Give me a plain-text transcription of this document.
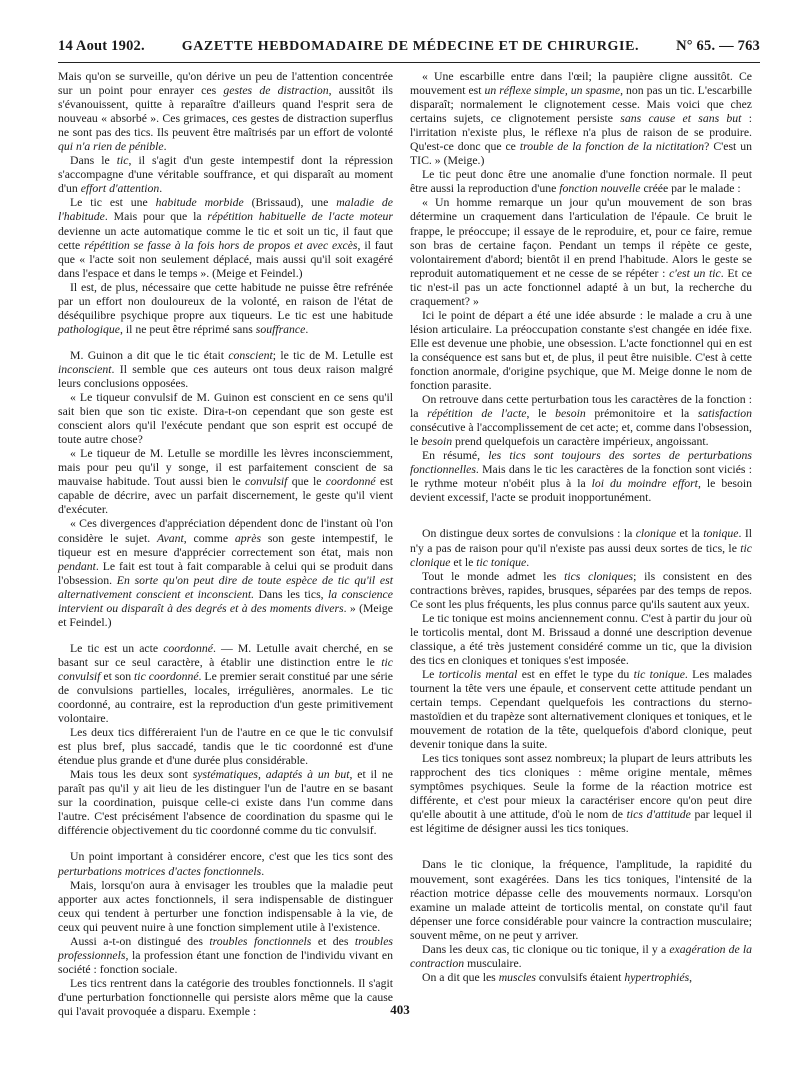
14 Aout 1902.	GAZETTE HEBDOMADAIRE DE MÉDECINE ET DE CHIRURGIE.	N° 65. — 763

Mais qu'on se surveille, qu'on dérive un peu de l'attention concentrée sur un point pour enrayer ces gestes de distraction, aussitôt ils s'évanouissent, quitte à reparaître d'ailleurs quand l'esprit sera de nouveau « absorbé ». Ces grimaces, ces gestes de distraction superflus ne sont pas des tics. Ils peuvent être maîtrisés par un effort de volonté qui n'a rien de pénible.

Dans le tic, il s'agit d'un geste intempestif dont la répression s'accompagne d'une véritable souffrance, et qui disparaît au moment d'un effort d'attention.

Le tic est une habitude morbide (Brissaud), une maladie de l'habitude. Mais pour que la répétition habituelle de l'acte moteur devienne un acte automatique comme le tic et soit un tic, il faut que cette répétition se fasse à la fois hors de propos et avec excès, il faut que « l'acte soit non seulement déplacé, mais aussi qu'il soit exagéré dans l'espace et dans le temps ». (Meige et Feindel.)

Il est, de plus, nécessaire que cette habitude ne puisse être refrénée par un effort non douloureux de la volonté, en raison de l'état de déséquilibre psychique propre aux tiqueurs. Le tic est une habitude pathologique, il ne peut être réprimé sans souffrance.

M. Guinon a dit que le tic était conscient; le tic de M. Letulle est inconscient. Il semble que ces auteurs ont tous deux raison malgré leurs conclusions opposées.

« Le tiqueur convulsif de M. Guinon est conscient en ce sens qu'il sait bien que son tic existe. Dira-t-on cependant que son geste est conscient alors qu'il l'exécute pendant que son esprit est occupé de toute autre chose?

« Le tiqueur de M. Letulle se mordille les lèvres inconsciemment, mais pour peu qu'il y songe, il est parfaitement conscient de sa mauvaise habitude. Tout aussi bien le convulsif que le coordonné est capable de décrire, avec un parfait discernement, le geste qu'il vient d'exécuter.

« Ces divergences d'appréciation dépendent donc de l'instant où l'on considère le sujet. Avant, comme après son geste intempestif, le tiqueur est en mesure d'apprécier correctement son état, mais non pendant. Le fait est tout à fait comparable à celui qui se produit dans l'obsession. En sorte qu'on peut dire de toute espèce de tic qu'il est alternativement conscient et inconscient. Dans les tics, la conscience intervient ou disparaît à des degrés et à des moments divers. » (Meige et Feindel.)

Le tic est un acte coordonné. — M. Letulle avait cherché, en se basant sur ce seul caractère, à établir une distinction entre le tic convulsif et son tic coordonné. Le premier serait constitué par une série de convulsions partielles, locales, irrégulières, anormales. Le tic coordonné, au contraire, est la reproduction d'un geste primitivement volontaire.

Les deux tics différeraient l'un de l'autre en ce que le tic convulsif est plus bref, plus saccadé, tandis que le tic coordonné est d'une étendue plus grande et d'une durée plus considérable.

Mais tous les deux sont systématiques, adaptés à un but, et il ne paraît pas qu'il y ait lieu de les distinguer l'un de l'autre en se basant sur la coordination, puisque celle-ci existe dans l'un comme dans l'autre. C'est précisément l'absence de coordination du spasme qui le différencie objectivement du tic coordonné comme du tic convulsif.

Un point important à considérer encore, c'est que les tics sont des perturbations motrices d'actes fonctionnels.

Mais, lorsqu'on aura à envisager les troubles que la maladie peut apporter aux actes fonctionnels, il sera indispensable de distinguer ceux qui tendent à perturber une fonction indispensable à la vie, de ceux qui peuvent nuire à une fonction simplement utile à l'existence.

Aussi a-t-on distingué des troubles fonctionnels et des troubles professionnels, la profession étant une fonction de l'individu vivant en société : fonction sociale.

Les tics rentrent dans la catégorie des troubles fonctionnels. Il s'agit d'une perturbation fonctionnelle qui persiste alors même que la cause qui l'avait provoquée a disparu. Exemple :

« Une escarbille entre dans l'œil; la paupière cligne aussitôt. Ce mouvement est un réflexe simple, un spasme, non pas un tic. L'escarbille disparaît; normalement le clignotement cesse. Mais voici que chez certains sujets, ce clignotement persiste sans cause et sans but : l'irritation n'existe plus, le réflexe n'a plus de raison de se produire. Qu'est-ce donc que ce trouble de la fonction de la nictitation? C'est un TIC. » (Meige.)

Le tic peut donc être une anomalie d'une fonction normale. Il peut être aussi la reproduction d'une fonction nouvelle créée par le malade :

« Un homme remarque un jour qu'un mouvement de son bras détermine un craquement dans l'articulation de l'épaule. Ce bruit le frappe, le préoccupe; il essaye de le reproduire, et, pour ce faire, remue son bras de certaine façon. Pendant un temps il répète ce geste, volontairement d'abord; bientôt il en prend l'habitude. Alors le geste se reproduit automatiquement et ne cesse de se répéter : c'est un tic. Et ce tic n'est-il pas un acte fonctionnel adapté à un but, la recherche du craquement? »

Ici le point de départ a été une idée absurde : le malade a cru à une lésion articulaire. La préoccupation constante s'est changée en idée fixe. Elle est devenue une phobie, une obsession. L'acte fonctionnel qui en est la conséquence est sans but et, de plus, il peut être nuisible. C'est à cette fonction anormale, d'origine psychique, que M. Meige donne le nom de fonction parasite.

On retrouve dans cette perturbation tous les caractères de la fonction : la répétition de l'acte, le besoin prémonitoire et la satisfaction consécutive à l'accomplissement de cet acte; et, comme dans l'obsession, le besoin prend quelquefois un caractère impérieux, angoissant.

En résumé, les tics sont toujours des sortes de perturbations fonctionnelles. Mais dans le tic les caractères de la fonction sont viciés : le rythme moteur n'obéit plus à la loi du moindre effort, le besoin devient excessif, l'acte se produit inopportunément.

On distingue deux sortes de convulsions : la clonique et la tonique. Il n'y a pas de raison pour qu'il n'existe pas aussi deux sortes de tics, le tic clonique et le tic tonique.

Tout le monde admet les tics cloniques; ils consistent en des contractions brèves, rapides, brusques, séparées par des temps de repos. Ce sont les plus fréquents, les plus connus parce qu'ils sautent aux yeux.

Le tic tonique est moins anciennement connu. C'est à partir du jour où le torticolis mental, dont M. Brissaud a donné une description devenue classique, a été très justement considéré comme un tic, que la division des tics en cloniques et toniques s'est imposée.

Le torticolis mental est en effet le type du tic tonique. Les malades tournent la tête vers une épaule, et conservent cette attitude pendant un certain temps. Cependant quelquefois les contractions du sterno-mastoïdien et du trapèze sont alternativement cloniques et toniques, et le mouvement de rotation de la tête, quelquefois d'abord clonique, peut devenir tonique dans la suite.

Les tics toniques sont assez nombreux; la plupart de leurs attributs les rapprochent des tics cloniques : même origine mentale, mêmes symptômes psychiques. Seule la forme de la réaction motrice est différente, et c'est pour mieux la caractériser encore qu'on peut dire qu'elle aboutit à une attitude, d'où le nom de tics d'attitude par lequel il est légitime de désigner aussi les tics toniques.

Dans le tic clonique, la fréquence, l'amplitude, la rapidité du mouvement, sont exagérées. Dans les tics toniques, l'intensité de la réaction motrice dépasse celle des mouvements normaux. Lorsqu'on examine un malade atteint de torticolis mental, on constate qu'il faut dépenser une force considérable pour vaincre la contraction musculaire; souvent même, on ne peut y arriver.

Dans les deux cas, tic clonique ou tic tonique, il y a exagération de la contraction musculaire.

On a dit que les muscles convulsifs étaient hypertrophiés,

403
